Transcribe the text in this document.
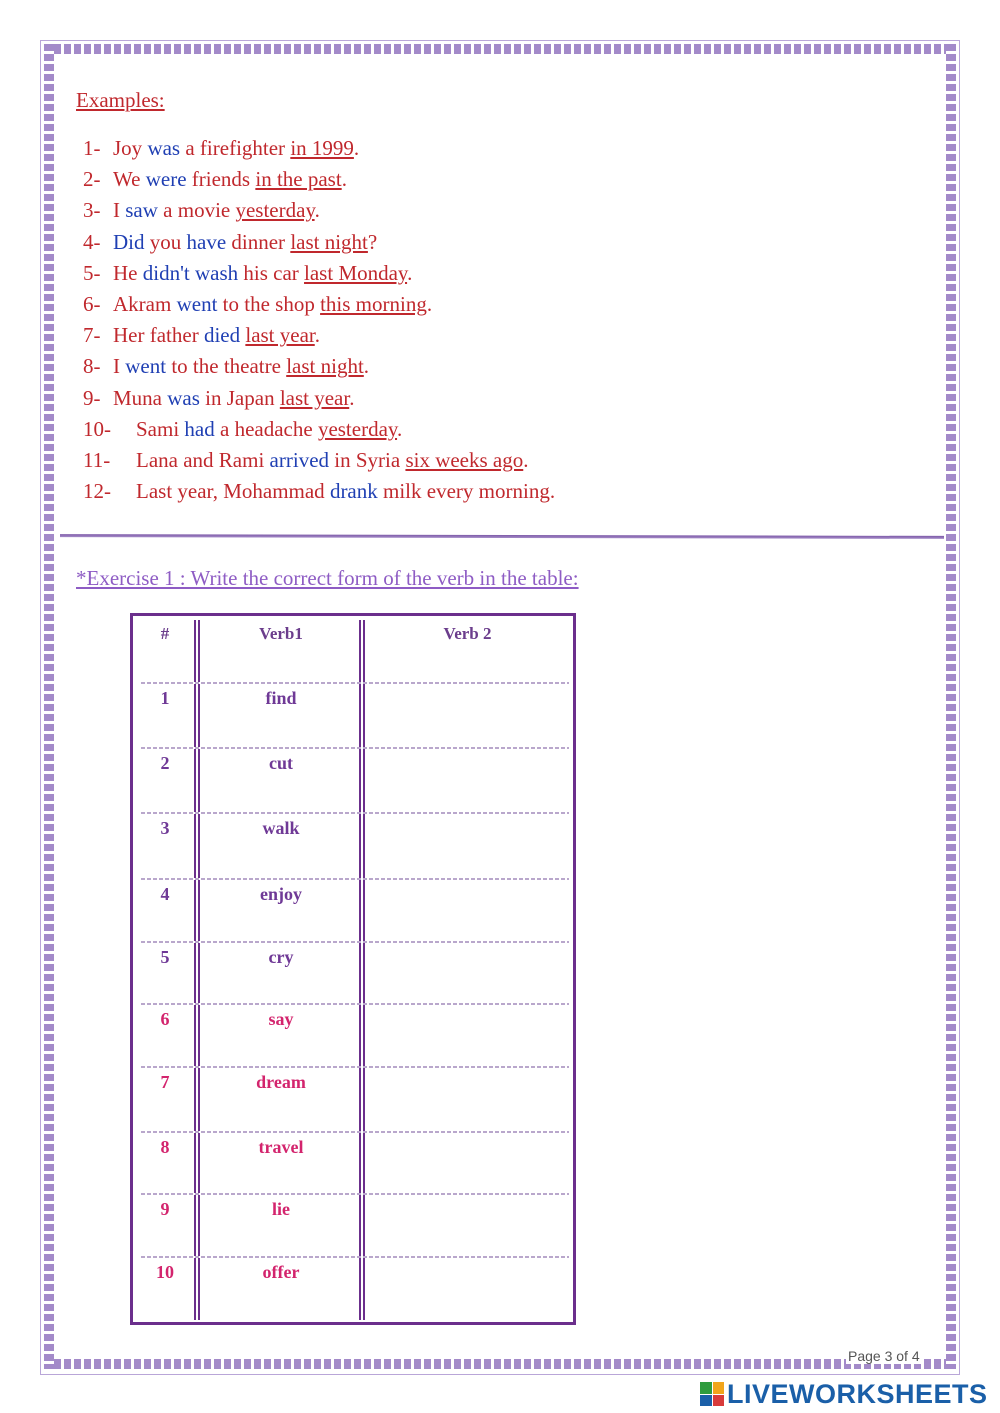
Examples:
1- Joy was a firefighter in 1999.
2- We were friends in the past.
3- I saw a movie yesterday.
4- Did you have dinner last night?
5- He didn't wash his car last Monday.
6- Akram went to the shop this morning.
7- Her father died last year.
8- I went to the theatre last night.
9- Muna was in Japan last year.
10- Sami had a headache yesterday.
11- Lana and Rami arrived in Syria six weeks ago.
12- Last year, Mohammad drank milk every morning.
*Exercise 1 : Write the correct form of the verb in the table:
#	Verb1	Verb 2
1	find
2	cut
3	walk
4	enjoy
5	cry
6	say
7	dream
8	travel
9	lie
10	offer
Page 3 of 4
LIVEWORKSHEETS
